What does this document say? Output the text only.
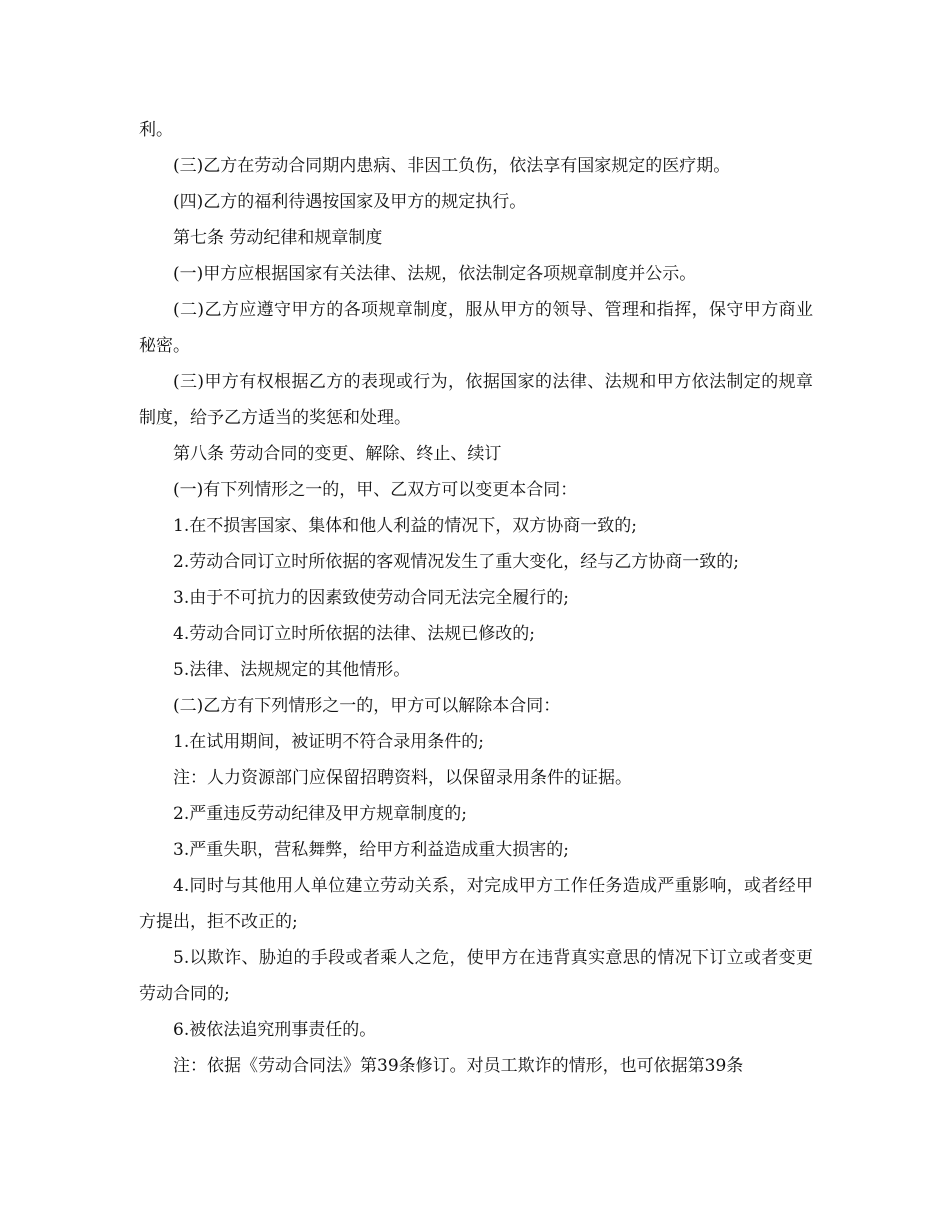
利。

(三)乙方在劳动合同期内患病、非因工负伤，依法享有国家规定的医疗期。

(四)乙方的福利待遇按国家及甲方的规定执行。

第七条 劳动纪律和规章制度

(一)甲方应根据国家有关法律、法规，依法制定各项规章制度并公示。

(二)乙方应遵守甲方的各项规章制度，服从甲方的领导、管理和指挥，保守甲方商业秘密。

(三)甲方有权根据乙方的表现或行为，依据国家的法律、法规和甲方依法制定的规章制度，给予乙方适当的奖惩和处理。

第八条 劳动合同的变更、解除、终止、续订

(一)有下列情形之一的，甲、乙双方可以变更本合同：

1.在不损害国家、集体和他人利益的情况下，双方协商一致的;

2.劳动合同订立时所依据的客观情况发生了重大变化，经与乙方协商一致的;

3.由于不可抗力的因素致使劳动合同无法完全履行的;

4.劳动合同订立时所依据的法律、法规已修改的;

5.法律、法规规定的其他情形。

(二)乙方有下列情形之一的，甲方可以解除本合同：

1.在试用期间，被证明不符合录用条件的;

注：人力资源部门应保留招聘资料，以保留录用条件的证据。

2.严重违反劳动纪律及甲方规章制度的;

3.严重失职，营私舞弊，给甲方利益造成重大损害的;

4.同时与其他用人单位建立劳动关系，对完成甲方工作任务造成严重影响，或者经甲方提出，拒不改正的;

5.以欺诈、胁迫的手段或者乘人之危，使甲方在违背真实意思的情况下订立或者变更劳动合同的;

6.被依法追究刑事责任的。

注：依据《劳动合同法》第39条修订。对员工欺诈的情形，也可依据第39条
